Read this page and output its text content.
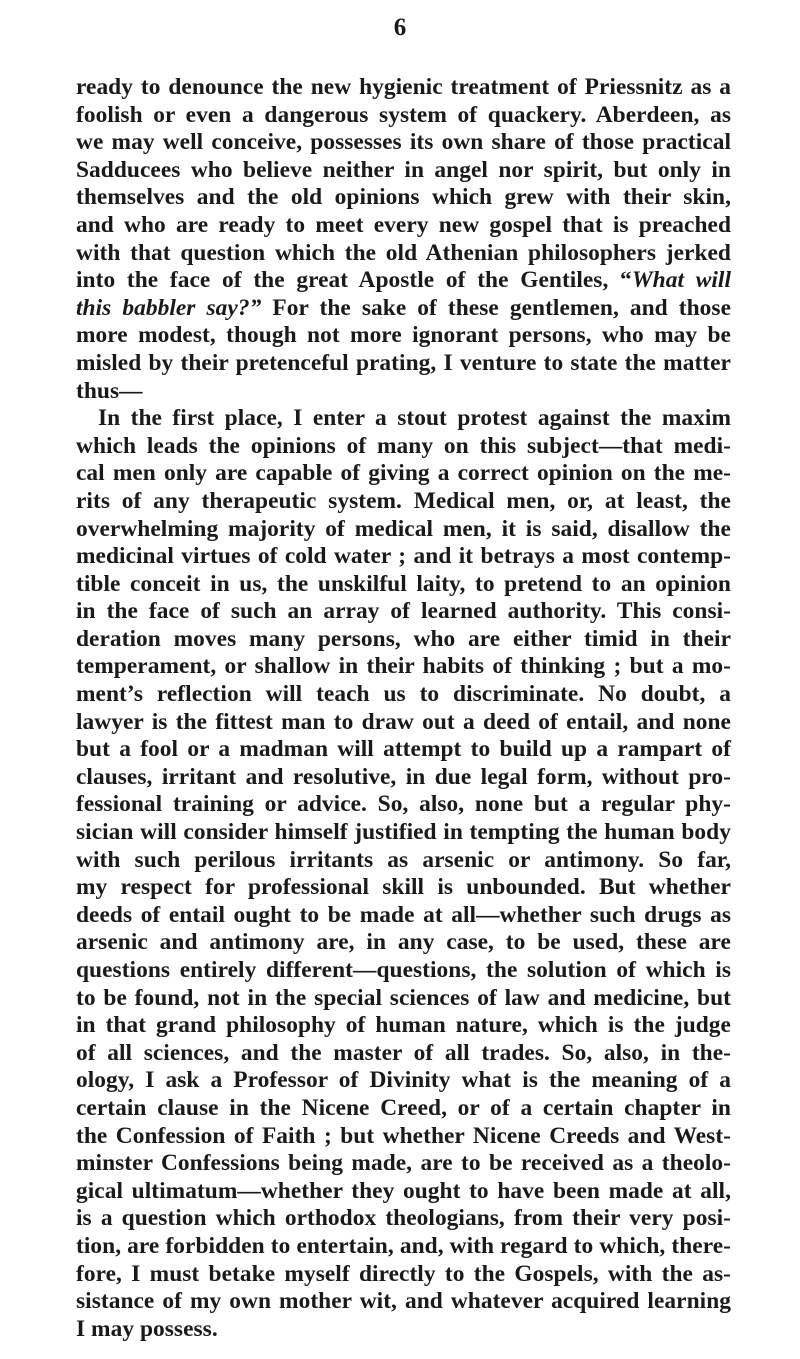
6

ready to denounce the new hygienic treatment of Priessnitz as a
foolish or even a dangerous system of quackery. Aberdeen, as
we may well conceive, possesses its own share of those practical
Sadducees who believe neither in angel nor spirit, but only in
themselves and the old opinions which grew with their skin,
and who are ready to meet every new gospel that is preached
with that question which the old Athenian philosophers jerked
into the face of the great Apostle of the Gentiles, “What will
this babbler say?” For the sake of these gentlemen, and those
more modest, though not more ignorant persons, who may be
misled by their pretenceful prating, I venture to state the matter
thus—

In the first place, I enter a stout protest against the maxim
which leads the opinions of many on this subject—that medi-
cal men only are capable of giving a correct opinion on the me-
rits of any therapeutic system. Medical men, or, at least, the
overwhelming majority of medical men, it is said, disallow the
medicinal virtues of cold water ; and it betrays a most contemp-
tible conceit in us, the unskilful laity, to pretend to an opinion
in the face of such an array of learned authority. This consi-
deration moves many persons, who are either timid in their
temperament, or shallow in their habits of thinking ; but a mo-
ment’s reflection will teach us to discriminate. No doubt, a
lawyer is the fittest man to draw out a deed of entail, and none
but a fool or a madman will attempt to build up a rampart of
clauses, irritant and resolutive, in due legal form, without pro-
fessional training or advice. So, also, none but a regular phy-
sician will consider himself justified in tempting the human body
with such perilous irritants as arsenic or antimony. So far,
my respect for professional skill is unbounded. But whether
deeds of entail ought to be made at all—whether such drugs as
arsenic and antimony are, in any case, to be used, these are
questions entirely different—questions, the solution of which is
to be found, not in the special sciences of law and medicine, but
in that grand philosophy of human nature, which is the judge
of all sciences, and the master of all trades. So, also, in the-
ology, I ask a Professor of Divinity what is the meaning of a
certain clause in the Nicene Creed, or of a certain chapter in
the Confession of Faith ; but whether Nicene Creeds and West-
minster Confessions being made, are to be received as a theolo-
gical ultimatum—whether they ought to have been made at all,
is a question which orthodox theologians, from their very posi-
tion, are forbidden to entertain, and, with regard to which, there-
fore, I must betake myself directly to the Gospels, with the as-
sistance of my own mother wit, and whatever acquired learning
I may possess.
